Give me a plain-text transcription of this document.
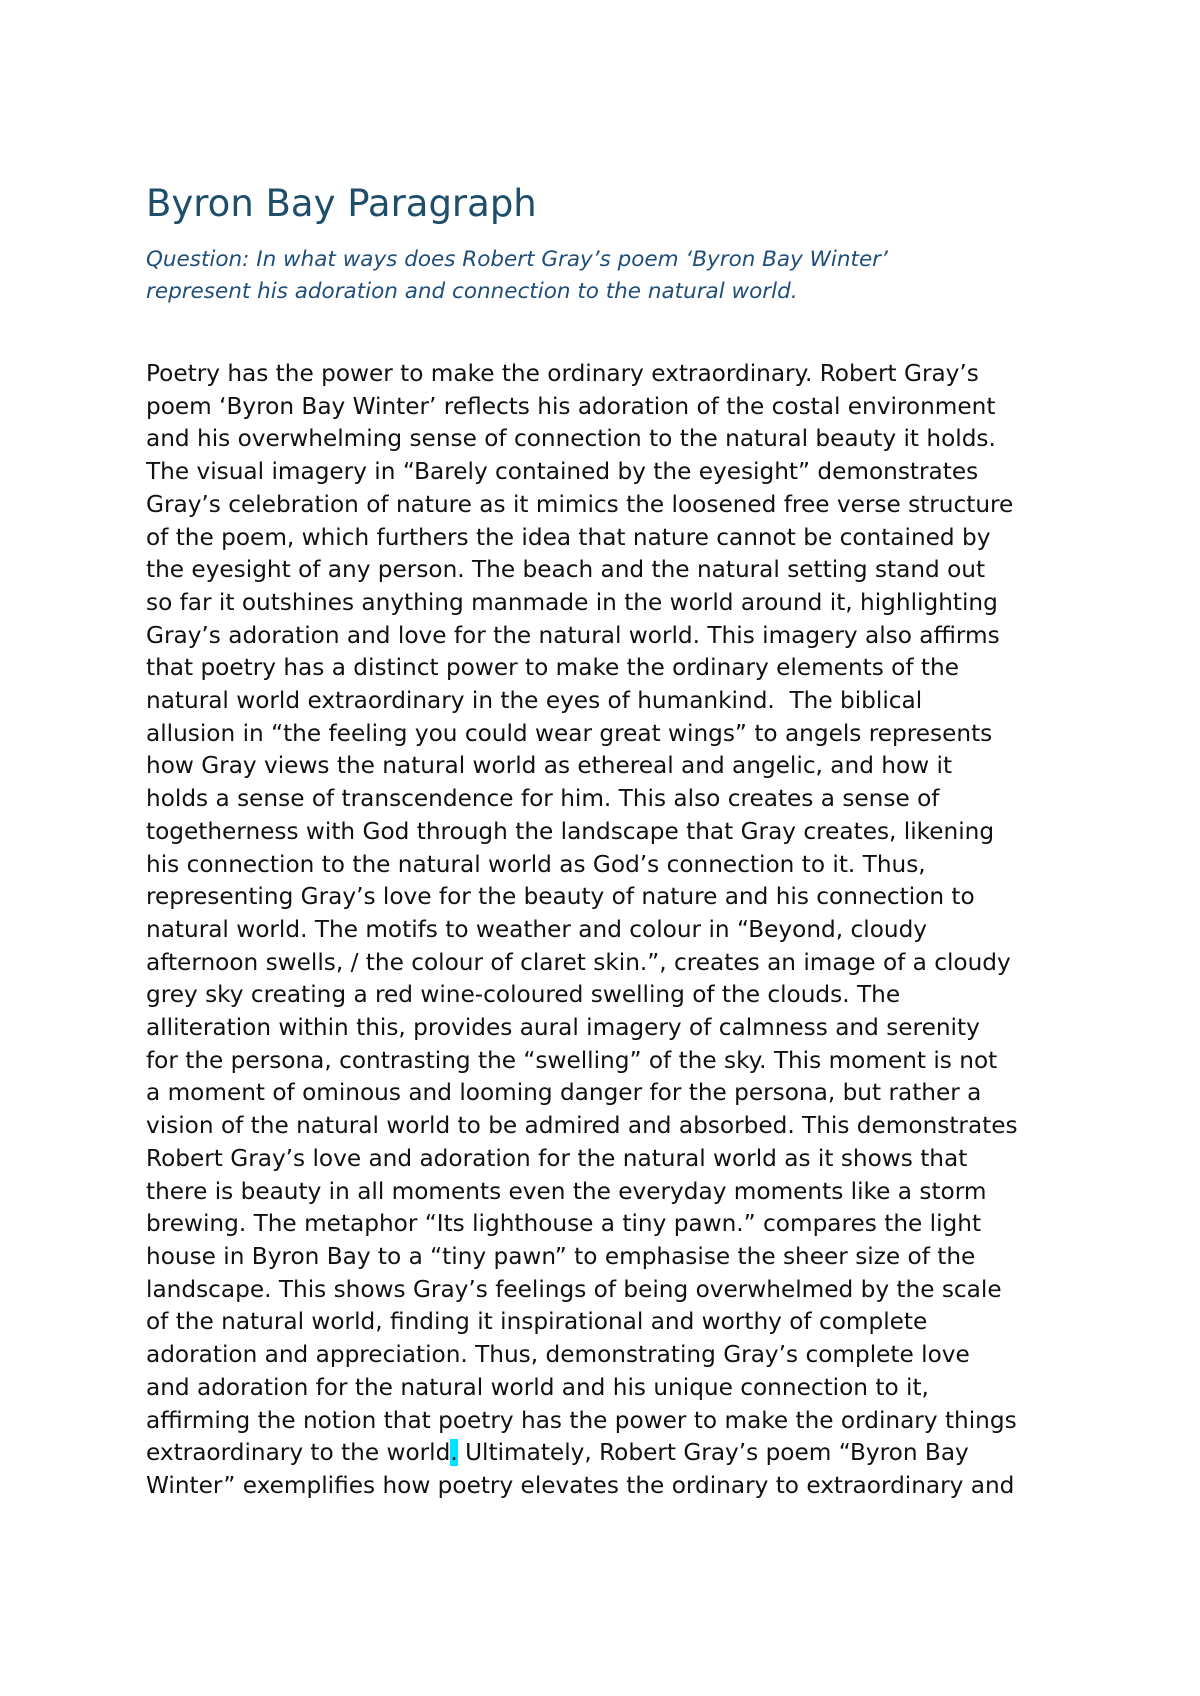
Byron Bay Paragraph

Question: In what ways does Robert Gray’s poem ‘Byron Bay Winter’
represent his adoration and connection to the natural world.

Poetry has the power to make the ordinary extraordinary. Robert Gray’s
poem ‘Byron Bay Winter’ reflects his adoration of the costal environment
and his overwhelming sense of connection to the natural beauty it holds.
The visual imagery in “Barely contained by the eyesight” demonstrates
Gray’s celebration of nature as it mimics the loosened free verse structure
of the poem, which furthers the idea that nature cannot be contained by
the eyesight of any person. The beach and the natural setting stand out
so far it outshines anything manmade in the world around it, highlighting
Gray’s adoration and love for the natural world. This imagery also affirms
that poetry has a distinct power to make the ordinary elements of the
natural world extraordinary in the eyes of humankind.  The biblical
allusion in “the feeling you could wear great wings” to angels represents
how Gray views the natural world as ethereal and angelic, and how it
holds a sense of transcendence for him. This also creates a sense of
togetherness with God through the landscape that Gray creates, likening
his connection to the natural world as God’s connection to it. Thus,
representing Gray’s love for the beauty of nature and his connection to
natural world. The motifs to weather and colour in “Beyond, cloudy
afternoon swells, / the colour of claret skin.”, creates an image of a cloudy
grey sky creating a red wine-coloured swelling of the clouds. The
alliteration within this, provides aural imagery of calmness and serenity
for the persona, contrasting the “swelling” of the sky. This moment is not
a moment of ominous and looming danger for the persona, but rather a
vision of the natural world to be admired and absorbed. This demonstrates
Robert Gray’s love and adoration for the natural world as it shows that
there is beauty in all moments even the everyday moments like a storm
brewing. The metaphor “Its lighthouse a tiny pawn.” compares the light
house in Byron Bay to a “tiny pawn” to emphasise the sheer size of the
landscape. This shows Gray’s feelings of being overwhelmed by the scale
of the natural world, finding it inspirational and worthy of complete
adoration and appreciation. Thus, demonstrating Gray’s complete love
and adoration for the natural world and his unique connection to it,
affirming the notion that poetry has the power to make the ordinary things
extraordinary to the world. Ultimately, Robert Gray’s poem “Byron Bay
Winter” exemplifies how poetry elevates the ordinary to extraordinary and
